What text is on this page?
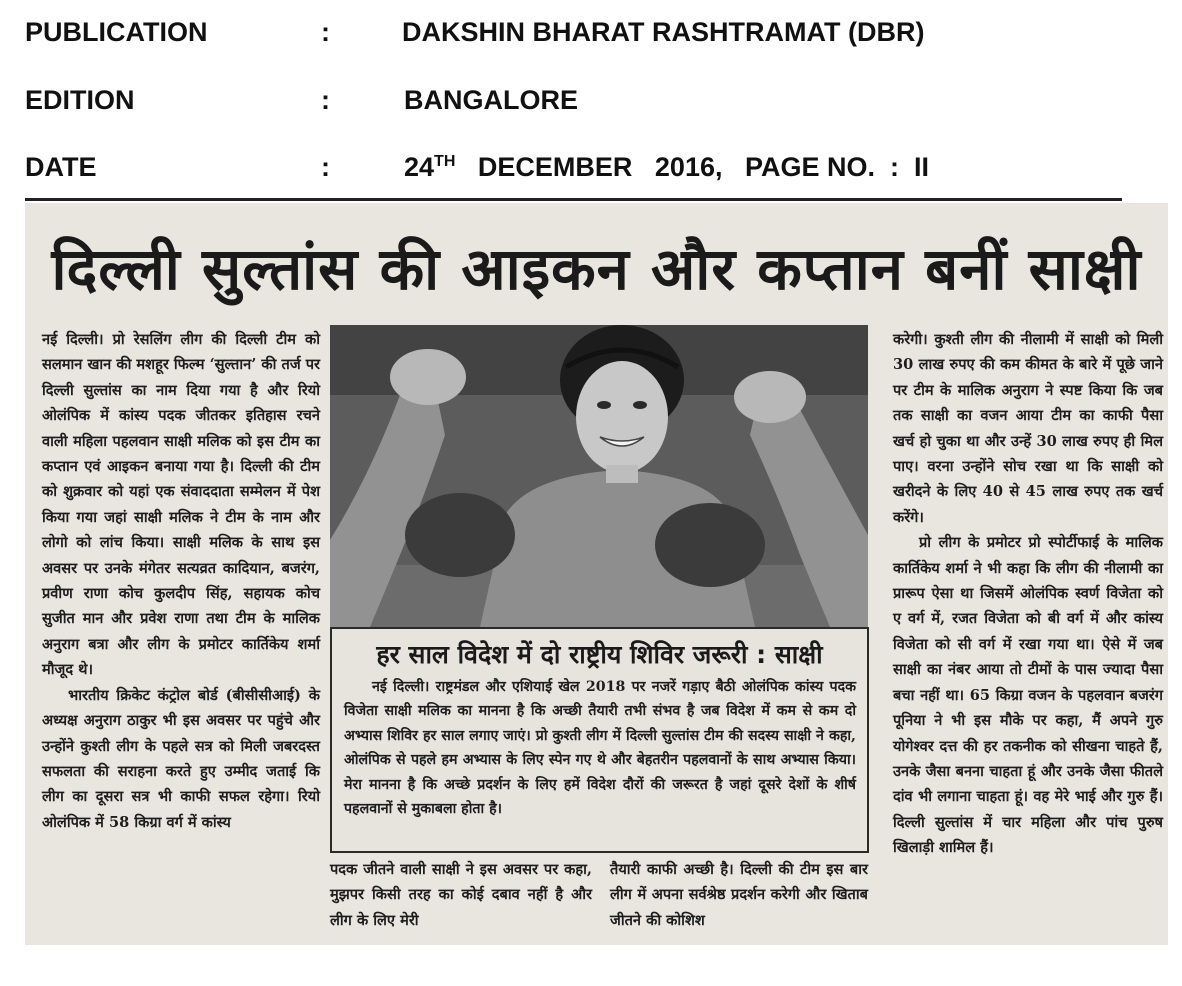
PUBLICATION	:	DAKSHIN BHARAT RASHTRAMAT (DBR)
EDITION	:	BANGALORE
DATE	:	24TH DECEMBER   2016,   PAGE NO.  :  II
दिल्ली सुल्तांस की आइकन और कप्तान बनीं साक्षी

नई दिल्ली। प्रो रेसलिंग लीग की दिल्ली टीम को सलमान खान की मशहूर फिल्म ‘सुल्तान’ की तर्ज पर दिल्ली सुल्तांस का नाम दिया गया है और रियो ओलंपिक में कांस्य पदक जीतकर इतिहास रचने वाली महिला पहलवान साक्षी मलिक को इस टीम का कप्तान एवं आइकन बनाया गया है। दिल्ली की टीम को शुक्रवार को यहां एक संवाददाता सम्मेलन में पेश किया गया जहां साक्षी मलिक ने टीम के नाम और लोगो को लांच किया। साक्षी मलिक के साथ इस अवसर पर उनके मंगेतर सत्यव्रत कादियान, बजरंग, प्रवीण राणा कोच कुलदीप सिंह, सहायक कोच सुजीत मान और प्रवेश राणा तथा टीम के मालिक अनुराग बत्रा और लीग के प्रमोटर कार्तिकेय शर्मा मौजूद थे।

भारतीय क्रिकेट कंट्रोल बोर्ड (बीसीसीआई) के अध्यक्ष अनुराग ठाकुर भी इस अवसर पर पहुंचे और उन्होंने कुश्ती लीग के पहले सत्र को मिली जबरदस्त सफलता की सराहना करते हुए उम्मीद जताई कि लीग का दूसरा सत्र भी काफी सफल रहेगा। रियो ओलंपिक में 58 किग्रा वर्ग में कांस्य

हर साल विदेश में दो राष्ट्रीय शिविर जरूरी : साक्षी

नई दिल्ली। राष्ट्रमंडल और एशियाई खेल 2018 पर नजरें गड़ाए बैठी ओलंपिक कांस्य पदक विजेता साक्षी मलिक का मानना है कि अच्छी तैयारी तभी संभव है जब विदेश में कम से कम दो अभ्यास शिविर हर साल लगाए जाएं। प्रो कुश्ती लीग में दिल्ली सुल्तांस टीम की सदस्य साक्षी ने कहा, ओलंपिक से पहले हम अभ्यास के लिए स्पेन गए थे और बेहतरीन पहलवानों के साथ अभ्यास किया। मेरा मानना है कि अच्छे प्रदर्शन के लिए हमें विदेश दौरों की जरूरत है जहां दूसरे देशों के शीर्ष पहलवानों से मुकाबला होता है।

पदक जीतने वाली साक्षी ने इस अवसर पर कहा, मुझपर किसी तरह का कोई दबाव नहीं है और लीग के लिए मेरी

तैयारी काफी अच्छी है। दिल्ली की टीम इस बार लीग में अपना सर्वश्रेष्ठ प्रदर्शन करेगी और खिताब जीतने की कोशिश

करेगी। कुश्ती लीग की नीलामी में साक्षी को मिली 30 लाख रुपए की कम कीमत के बारे में पूछे जाने पर टीम के मालिक अनुराग ने स्पष्ट किया कि जब तक साक्षी का वजन आया टीम का काफी पैसा खर्च हो चुका था और उन्हें 30 लाख रुपए ही मिल पाए। वरना उन्होंने सोच रखा था कि साक्षी को खरीदने के लिए 40 से 45 लाख रुपए तक खर्च करेंगे।

प्रो लीग के प्रमोटर प्रो स्पोर्टीफाई के मालिक कार्तिकेय शर्मा ने भी कहा कि लीग की नीलामी का प्रारूप ऐसा था जिसमें ओलंपिक स्वर्ण विजेता को ए वर्ग में, रजत विजेता को बी वर्ग में और कांस्य विजेता को सी वर्ग में रखा गया था। ऐसे में जब साक्षी का नंबर आया तो टीमों के पास ज्यादा पैसा बचा नहीं था। 65 किग्रा वजन के पहलवान बजरंग पूनिया ने भी इस मौके पर कहा, मैं अपने गुरु योगेश्वर दत्त की हर तकनीक को सीखना चाहते हैं, उनके जैसा बनना चाहता हूं और उनके जैसा फीतले दांव भी लगाना चाहता हूं। वह मेरे भाई और गुरु हैं। दिल्ली सुल्तांस में चार महिला और पांच पुरुष खिलाड़ी शामिल हैं।
